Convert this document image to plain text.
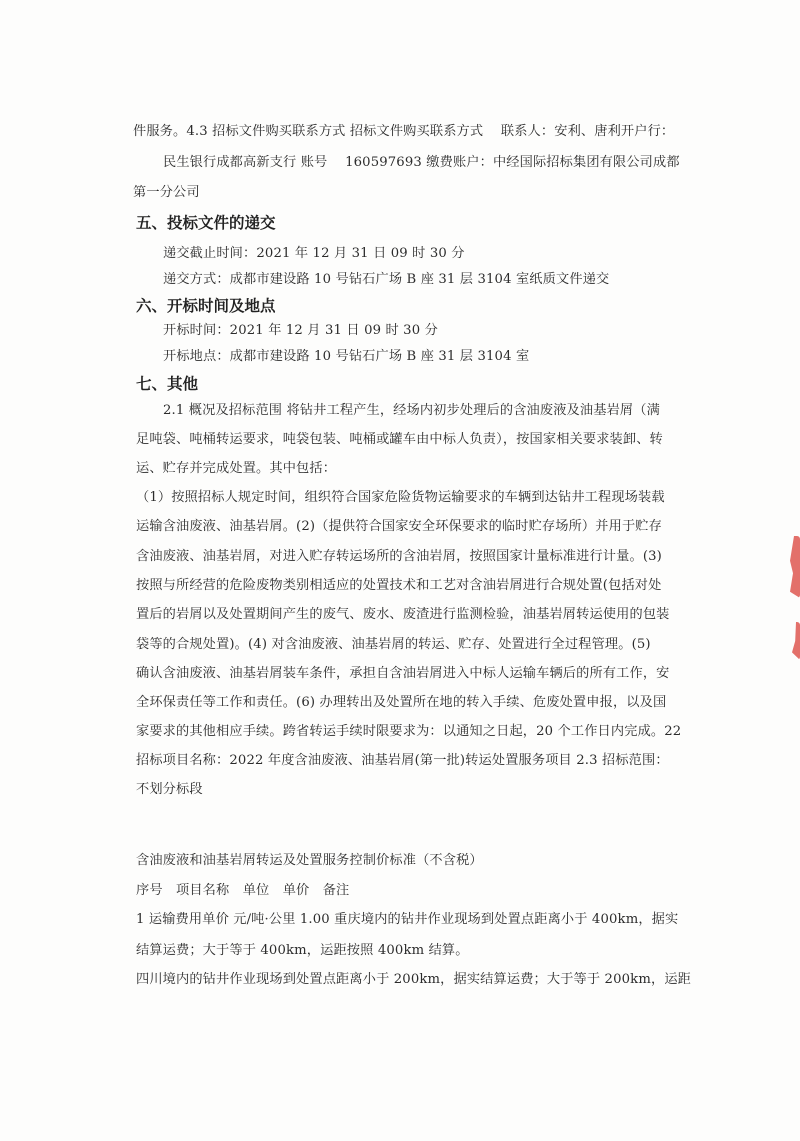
件服务。4.3 招标文件购买联系方式 招标文件购买联系方式　 联系人：安利、唐利开户行：
民生银行成都高新支行 账号　 160597693 缴费账户：中经国际招标集团有限公司成都
第一分公司
五、投标文件的递交
递交截止时间：2021 年 12 月 31 日 09 时 30 分
递交方式：成都市建设路 10 号钻石广场 B 座 31 层 3104 室纸质文件递交
六、开标时间及地点
开标时间：2021 年 12 月 31 日 09 时 30 分
开标地点：成都市建设路 10 号钻石广场 B 座 31 层 3104 室
七、其他
2.1 概况及招标范围 将钻井工程产生，经场内初步处理后的含油废液及油基岩屑（满
足吨袋、吨桶转运要求，吨袋包装、吨桶或罐车由中标人负责），按国家相关要求装卸、转
运、贮存并完成处置。其中包括：
（1）按照招标人规定时间，组织符合国家危险货物运输要求的车辆到达钻井工程现场装载
运输含油废液、油基岩屑。(2)（提供符合国家安全环保要求的临时贮存场所）并用于贮存
含油废液、油基岩屑，对进入贮存转运场所的含油岩屑，按照国家计量标准进行计量。(3)
按照与所经营的危险废物类别相适应的处置技术和工艺对含油岩屑进行合规处置(包括对处
置后的岩屑以及处置期间产生的废气、废水、废渣进行监测检验，油基岩屑转运使用的包装
袋等的合规处置)。(4) 对含油废液、油基岩屑的转运、贮存、处置进行全过程管理。(5)
确认含油废液、油基岩屑装车条件，承担自含油岩屑进入中标人运输车辆后的所有工作，安
全环保责任等工作和责任。(6) 办理转出及处置所在地的转入手续、危废处置申报，以及国
家要求的其他相应手续。跨省转运手续时限要求为：以通知之日起，20 个工作日内完成。22
招标项目名称：2022 年度含油废液、油基岩屑(第一批)转运处置服务项目 2.3 招标范围：
不划分标段
含油废液和油基岩屑转运及处置服务控制价标准（不含税）
序号　项目名称　单位　单价　备注
1 运输费用单价 元/吨·公里 1.00 重庆境内的钻井作业现场到处置点距离小于 400km，据实
结算运费；大于等于 400km，运距按照 400km 结算。
四川境内的钻井作业现场到处置点距离小于 200km，据实结算运费；大于等于 200km，运距
